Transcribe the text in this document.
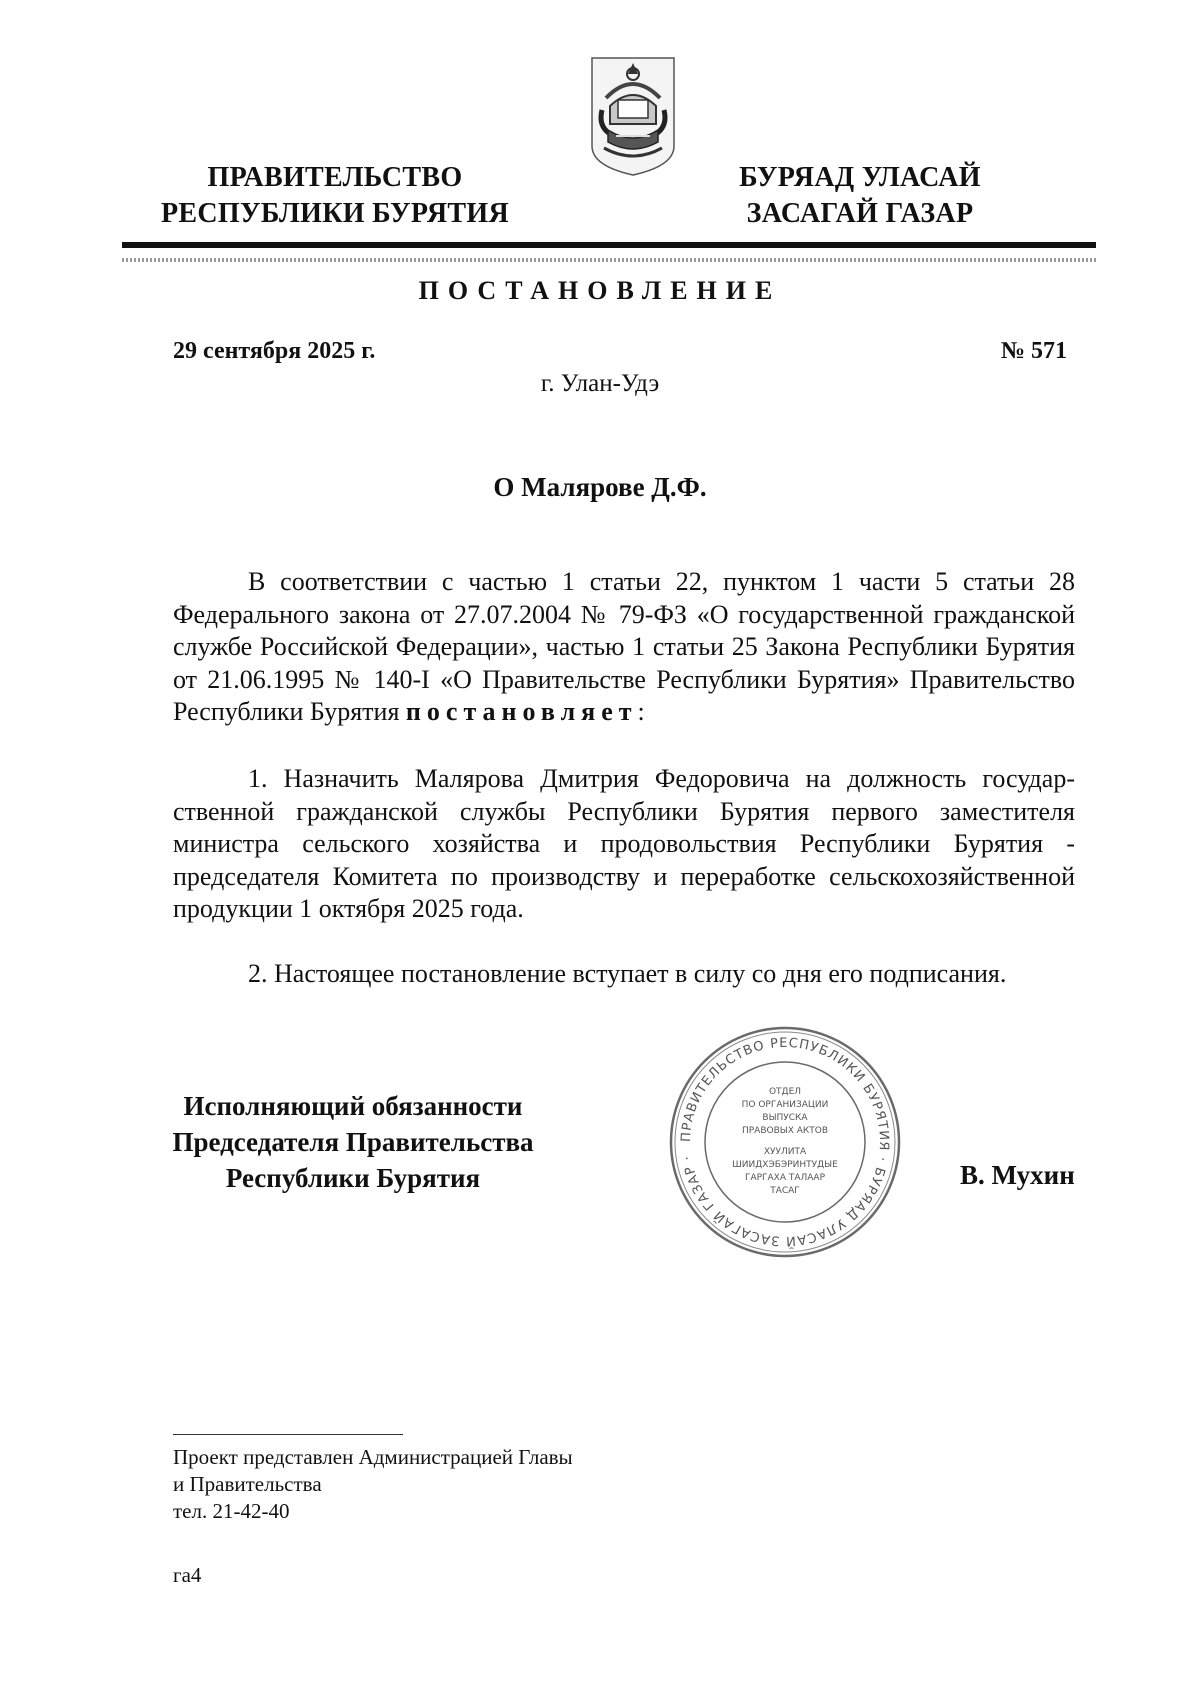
ПРАВИТЕЛЬСТВО
РЕСПУБЛИКИ БУРЯТИЯ
БУРЯАД УЛАСАЙ
ЗАСАГАЙ ГАЗАР
ПОСТАНОВЛЕНИЕ
29 сентября 2025 г.	№ 571
г. Улан-Удэ
О Малярове Д.Ф.
В соответствии с частью 1 статьи 22, пунктом 1 части 5 статьи 28 Федерального закона от 27.07.2004 № 79-ФЗ «О государственной гражданской службе Российской Федерации», частью 1 статьи 25 Закона Республики Бурятия от 21.06.1995 № 140-I «О Правительстве Республики Бурятия» Правительство Республики Бурятия постановляет:
1. Назначить Малярова Дмитрия Федоровича на должность государственной гражданской службы Республики Бурятия первого заместителя министра сельского хозяйства и продовольствия Республики Бурятия - председателя Комитета по производству и переработке сельскохозяйственной продукции 1 октября 2025 года.
2. Настоящее постановление вступает в силу со дня его подписания.
Исполняющий обязанности
Председателя Правительства
Республики Бурятия	В. Мухин
ПРАВИТЕЛЬСТВО РЕСПУБЛИКИ БУРЯТИЯ · БУРЯАД УЛАСАЙ ЗАСАГАЙ ГАЗАР ·
ОТДЕЛ
ПО ОРГАНИЗАЦИИ
ВЫПУСКА
ПРАВОВЫХ АКТОВ
ХУУЛИТА
ШИИДХЭБЭРИНТУДЫЕ
ГАРГАХА ТАЛААР
ТАСАГ
Проект представлен Администрацией Главы
и Правительства
тел. 21-42-40
га4
